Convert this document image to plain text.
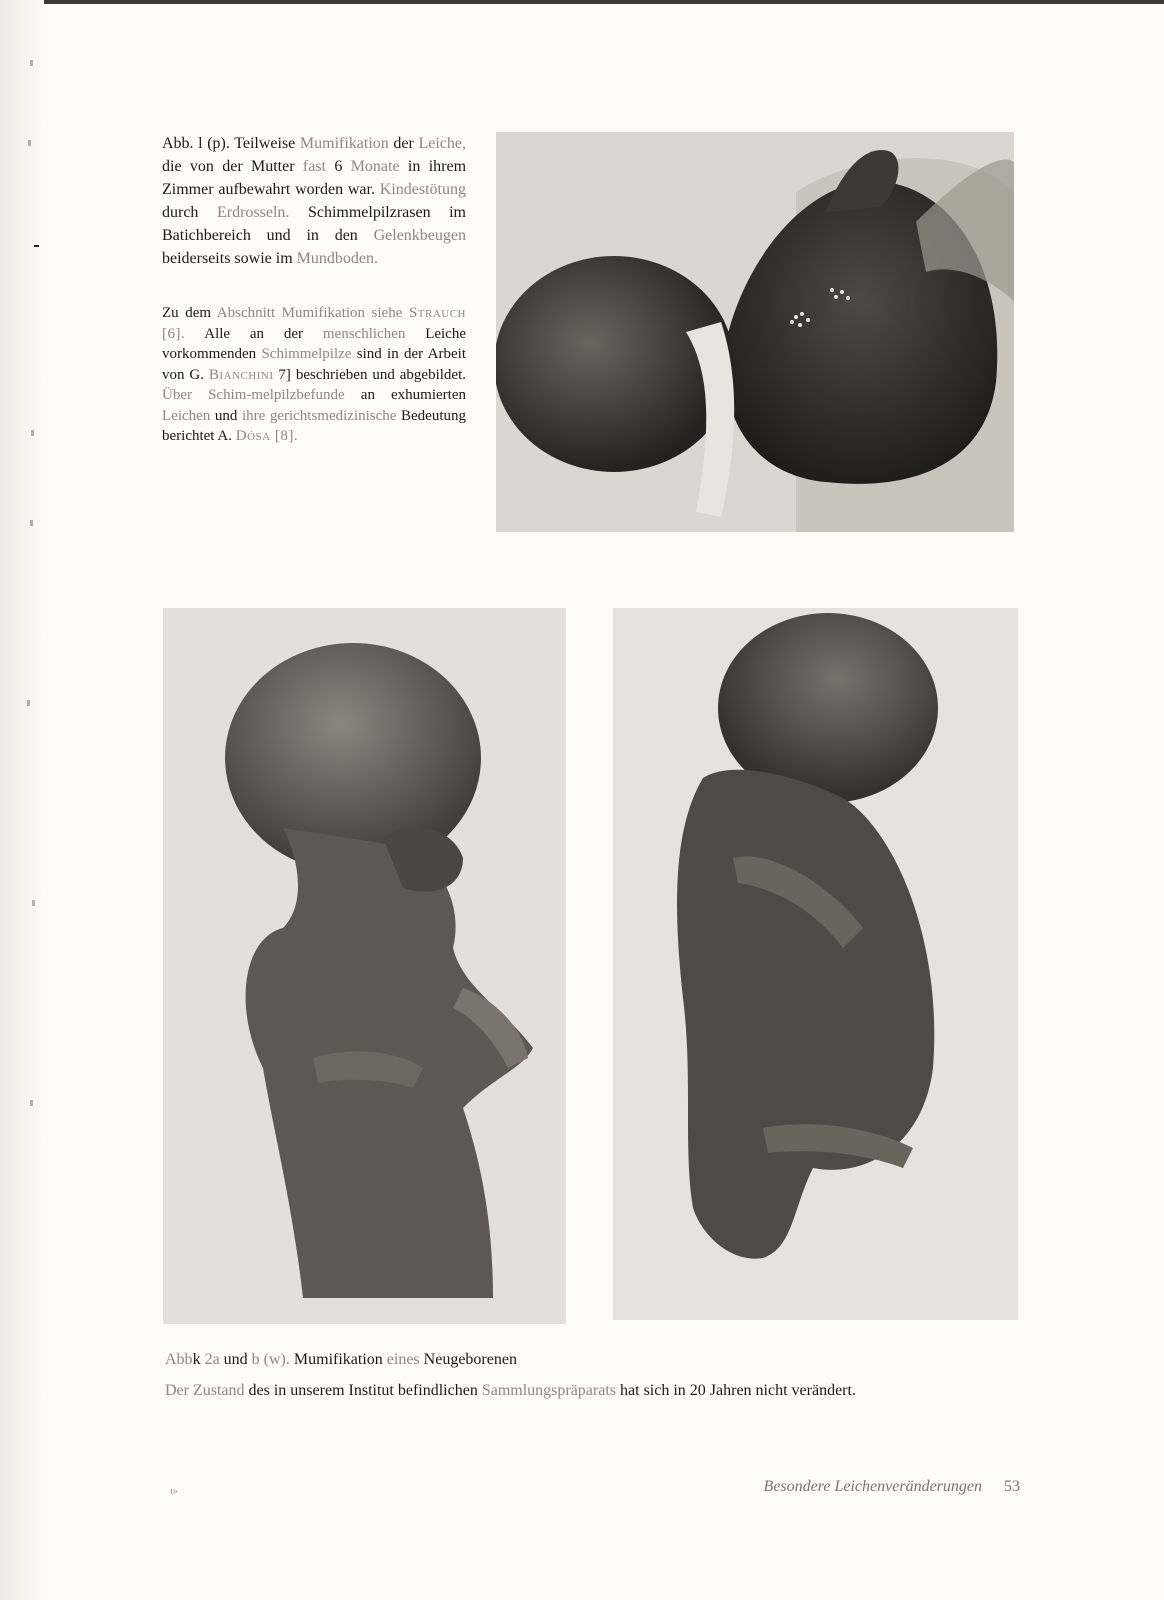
Abb. l (p). Teilweise Mumifikation der Leiche, die von der Mutter fast 6 Monate in ihrem Zimmer aufbewahrt worden war. Kindestötung durch Erdrosseln. Schimmelpilzrasen im Batichbereich und in den Gelenkbeugen beiderseits sowie im Mundboden.

Zu dem Abschnitt Mumifikation siehe Strauch [6]. Alle an der menschlichen Leiche vorkommenden Schimmelpilze sind in der Arbeit von G. Bianchini 7] beschrieben und abgebildet. Über Schim-melpilzbefunde an exhumierten Leichen und ihre gerichtsmedizinische Bedeutung berichtet A. Dósa [8].

Abbk 2a und b (w). Mumifikation eines Neugeborenen

Der Zustand des in unserem Institut befindlichen Sammlungspräparats hat sich in 20 Jahren nicht verändert.

ı»	Besondere Leichenveränderungen 53
